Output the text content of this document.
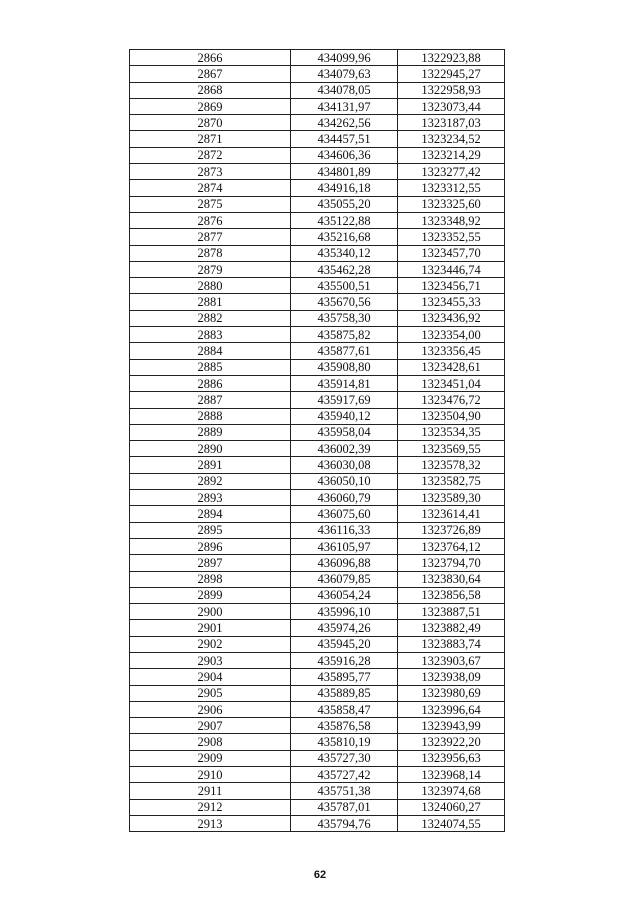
2866	434099,96	1322923,88
2867	434079,63	1322945,27
2868	434078,05	1322958,93
2869	434131,97	1323073,44
2870	434262,56	1323187,03
2871	434457,51	1323234,52
2872	434606,36	1323214,29
2873	434801,89	1323277,42
2874	434916,18	1323312,55
2875	435055,20	1323325,60
2876	435122,88	1323348,92
2877	435216,68	1323352,55
2878	435340,12	1323457,70
2879	435462,28	1323446,74
2880	435500,51	1323456,71
2881	435670,56	1323455,33
2882	435758,30	1323436,92
2883	435875,82	1323354,00
2884	435877,61	1323356,45
2885	435908,80	1323428,61
2886	435914,81	1323451,04
2887	435917,69	1323476,72
2888	435940,12	1323504,90
2889	435958,04	1323534,35
2890	436002,39	1323569,55
2891	436030,08	1323578,32
2892	436050,10	1323582,75
2893	436060,79	1323589,30
2894	436075,60	1323614,41
2895	436116,33	1323726,89
2896	436105,97	1323764,12
2897	436096,88	1323794,70
2898	436079,85	1323830,64
2899	436054,24	1323856,58
2900	435996,10	1323887,51
2901	435974,26	1323882,49
2902	435945,20	1323883,74
2903	435916,28	1323903,67
2904	435895,77	1323938,09
2905	435889,85	1323980,69
2906	435858,47	1323996,64
2907	435876,58	1323943,99
2908	435810,19	1323922,20
2909	435727,30	1323956,63
2910	435727,42	1323968,14
2911	435751,38	1323974,68
2912	435787,01	1324060,27
2913	435794,76	1324074,55
62
